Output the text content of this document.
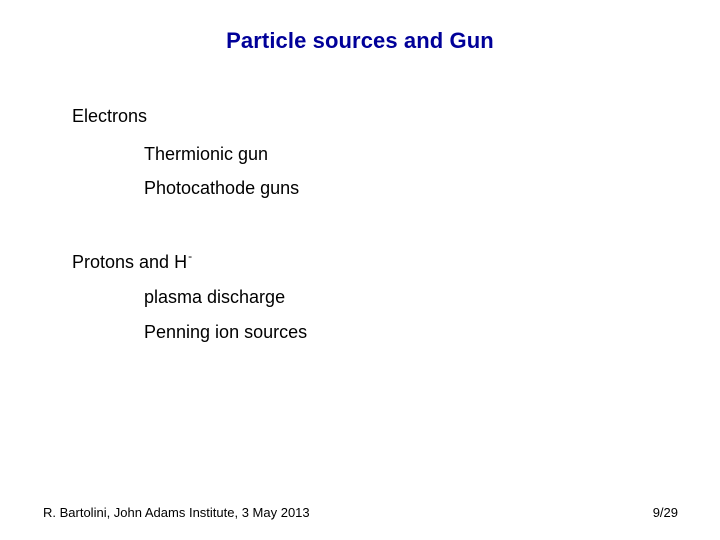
Particle sources and Gun
Electrons
Thermionic gun
Photocathode guns
Protons and H-
plasma discharge
Penning ion sources
R. Bartolini, John Adams Institute, 3 May 2013	9/29
